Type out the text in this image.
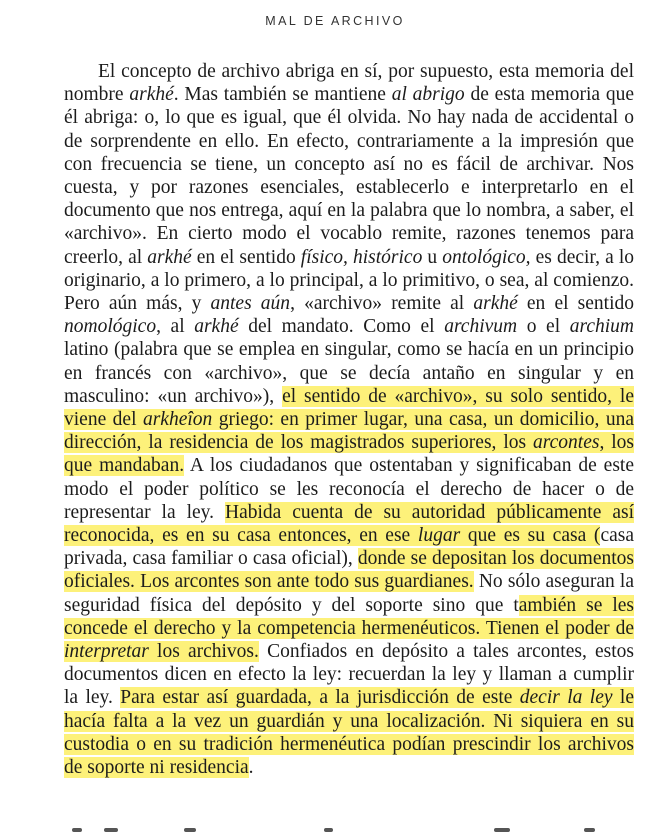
MAL DE ARCHIVO

El concepto de archivo abriga en sí, por supuesto, esta memoria del nombre arkhé. Mas también se mantiene al abrigo de esta memoria que él abriga: o, lo que es igual, que él olvida. No hay nada de accidental o de sorprendente en ello. En efecto, contrariamente a la impresión que con frecuencia se tiene, un concepto así no es fácil de archivar. Nos cuesta, y por razones esenciales, establecerlo e interpretarlo en el documento que nos entrega, aquí en la palabra que lo nombra, a saber, el «archivo». En cierto modo el vocablo remite, razones tenemos para creerlo, al arkhé en el sentido físico, histórico u ontológico, es decir, a lo originario, a lo primero, a lo principal, a lo primitivo, o sea, al comienzo. Pero aún más, y antes aún, «archivo» remite al arkhé en el sentido nomológico, al arkhé del mandato. Como el archivum o el archium latino (palabra que se emplea en singular, como se hacía en un principio en francés con «archivo», que se decía antaño en singular y en masculino: «un archivo»), el sentido de «archivo», su solo sentido, le viene del arkheîon griego: en primer lugar, una casa, un domicilio, una dirección, la residencia de los magistrados superiores, los arcontes, los que mandaban. A los ciudadanos que ostentaban y significaban de este modo el poder político se les reconocía el derecho de hacer o de representar la ley. Habida cuenta de su autoridad públicamente así reconocida, es en su casa entonces, en ese lugar que es su casa (casa privada, casa familiar o casa oficial), donde se depositan los documentos oficiales. Los arcontes son ante todo sus guardianes. No sólo aseguran la seguridad física del depósito y del soporte sino que también se les concede el derecho y la competencia hermenéuticos. Tienen el poder de interpretar los archivos. Confiados en depósito a tales arcontes, estos documentos dicen en efecto la ley: recuerdan la ley y llaman a cumplir la ley. Para estar así guardada, a la jurisdicción de este decir la ley le hacía falta a la vez un guardián y una localización. Ni siquiera en su custodia o en su tradición hermenéutica podían prescindir los archivos de soporte ni residencia.
